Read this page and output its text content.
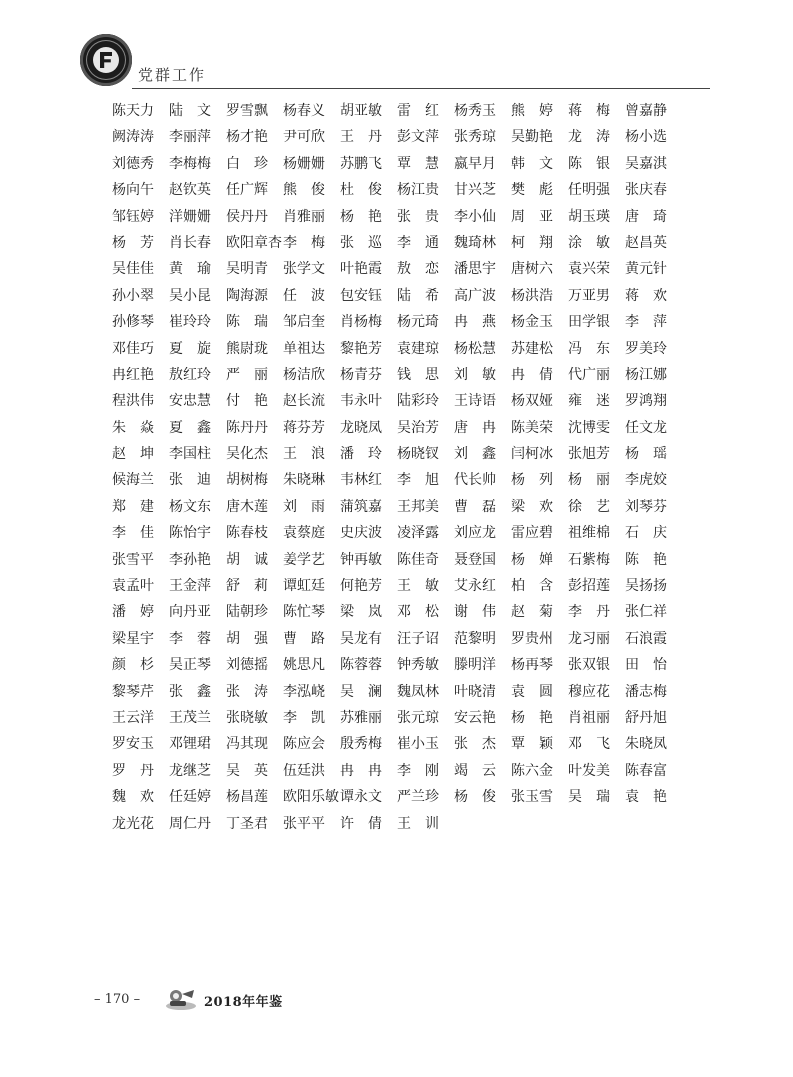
党群工作
陈天力	陆　文	罗雪飘	杨春义	胡亚敏	雷　红	杨秀玉	熊　婷	蒋　梅	曾嘉静
阙涛涛	李丽萍	杨才艳	尹可欣	王　丹	彭文萍	张秀琼	吴勤艳	龙　涛	杨小选
刘德秀	李梅梅	白　珍	杨姗姗	苏鹏飞	覃　慧	嬴早月	韩　文	陈　银	吴嘉淇
杨向午	赵钦英	任广辉	熊　俊	杜　俊	杨江贵	甘兴芝	樊　彪	任明强	张庆春
邹钰婷	洋姗姗	侯丹丹	肖雅丽	杨　艳	张　贵	李小仙	周　亚	胡玉瑛	唐　琦
杨　芳	肖长春	欧阳章杏 李　梅	张　巡	李　通	魏琦林	柯　翔	涂　敏	赵昌英
吴佳佳	黄　瑜	吴明青	张学文	叶艳霞	敖　恋	潘思宇	唐树六	袁兴荣	黄元针
孙小翠	吴小昆	陶海源	任　波	包安钰	陆　希	高广波	杨洪浩	万亚男	蒋　欢
孙修琴	崔玲玲	陈　瑞	邹启奎	肖杨梅	杨元琦	冉　燕	杨金玉	田学银	李　萍
邓佳巧	夏　旋	熊尉珑	单祖达	黎艳芳	袁建琼	杨松慧	苏建松	冯　东	罗美玲
冉红艳	敖红玲	严　丽	杨洁欣	杨青芬	钱　思	刘　敏	冉　倩	代广丽	杨江娜
程洪伟	安忠慧	付　艳	赵长流	韦永叶	陆彩玲	王诗语	杨双娅	雍　迷	罗鸿翔
朱　焱	夏　鑫	陈丹丹	蒋芬芳	龙晓凤	吴治芳	唐　冉	陈美荣	沈博雯	任文龙
赵　坤	李国柱	吴化杰	王　浪	潘　玲	杨晓钗	刘　鑫	闫柯冰	张旭芳	杨　瑶
候海兰	张　迪	胡树梅	朱晓琳	韦林红	李　旭	代长帅	杨　列	杨　丽	李虎姣
郑　建	杨文东	唐木莲	刘　雨	蒲筑嘉	王邦美	曹　磊	梁　欢	徐　艺	刘琴芬
李　佳	陈怡宇	陈春枝	袁蔡庭	史庆波	凌泽露	刘应龙	雷应碧	祖维棉	石　庆
张雪平	李孙艳	胡　诚	姜学艺	钟再敏	陈佳奇	聂登国	杨　婵	石紫梅	陈　艳
袁孟叶	王金萍	舒　莉	谭虹廷	何艳芳	王　敏	艾永红	柏　含	彭招莲	吴扬扬
潘　婷	向丹亚	陆朝珍	陈忙琴	梁　岚	邓　松	谢　伟	赵　菊	李　丹	张仁祥
梁星宇	李　蓉	胡　强	曹　路	吴龙有	汪子诏	范黎明	罗贵州	龙习丽	石浪霞
颜　杉	吴正琴	刘德摇	姚思凡	陈蓉蓉	钟秀敏	滕明洋	杨再琴	张双银	田　怡
黎琴芹	张　鑫	张　涛	李泓峣	吴　澜	魏凤林	叶晓清	袁　圆	穆应花	潘志梅
王云洋	王茂兰	张晓敏	李　凯	苏雅丽	张元琼	安云艳	杨　艳	肖祖丽	舒丹旭
罗安玉	邓锂珺	冯其现	陈应会	殷秀梅	崔小玉	张　杰	覃　颖	邓　飞	朱晓凤
罗　丹	龙继芝	吴　英	伍廷洪	冉　冉	李　刚	竭　云	陈六金	叶发美	陈春富
魏　欢	任廷婷	杨昌莲	欧阳乐敏 谭永文	严兰珍	杨　俊	张玉雪	吴　瑞	袁　艳
龙光花	周仁丹	丁圣君	张平平	许　倩	王　训
– 170 –	2018年年鉴
